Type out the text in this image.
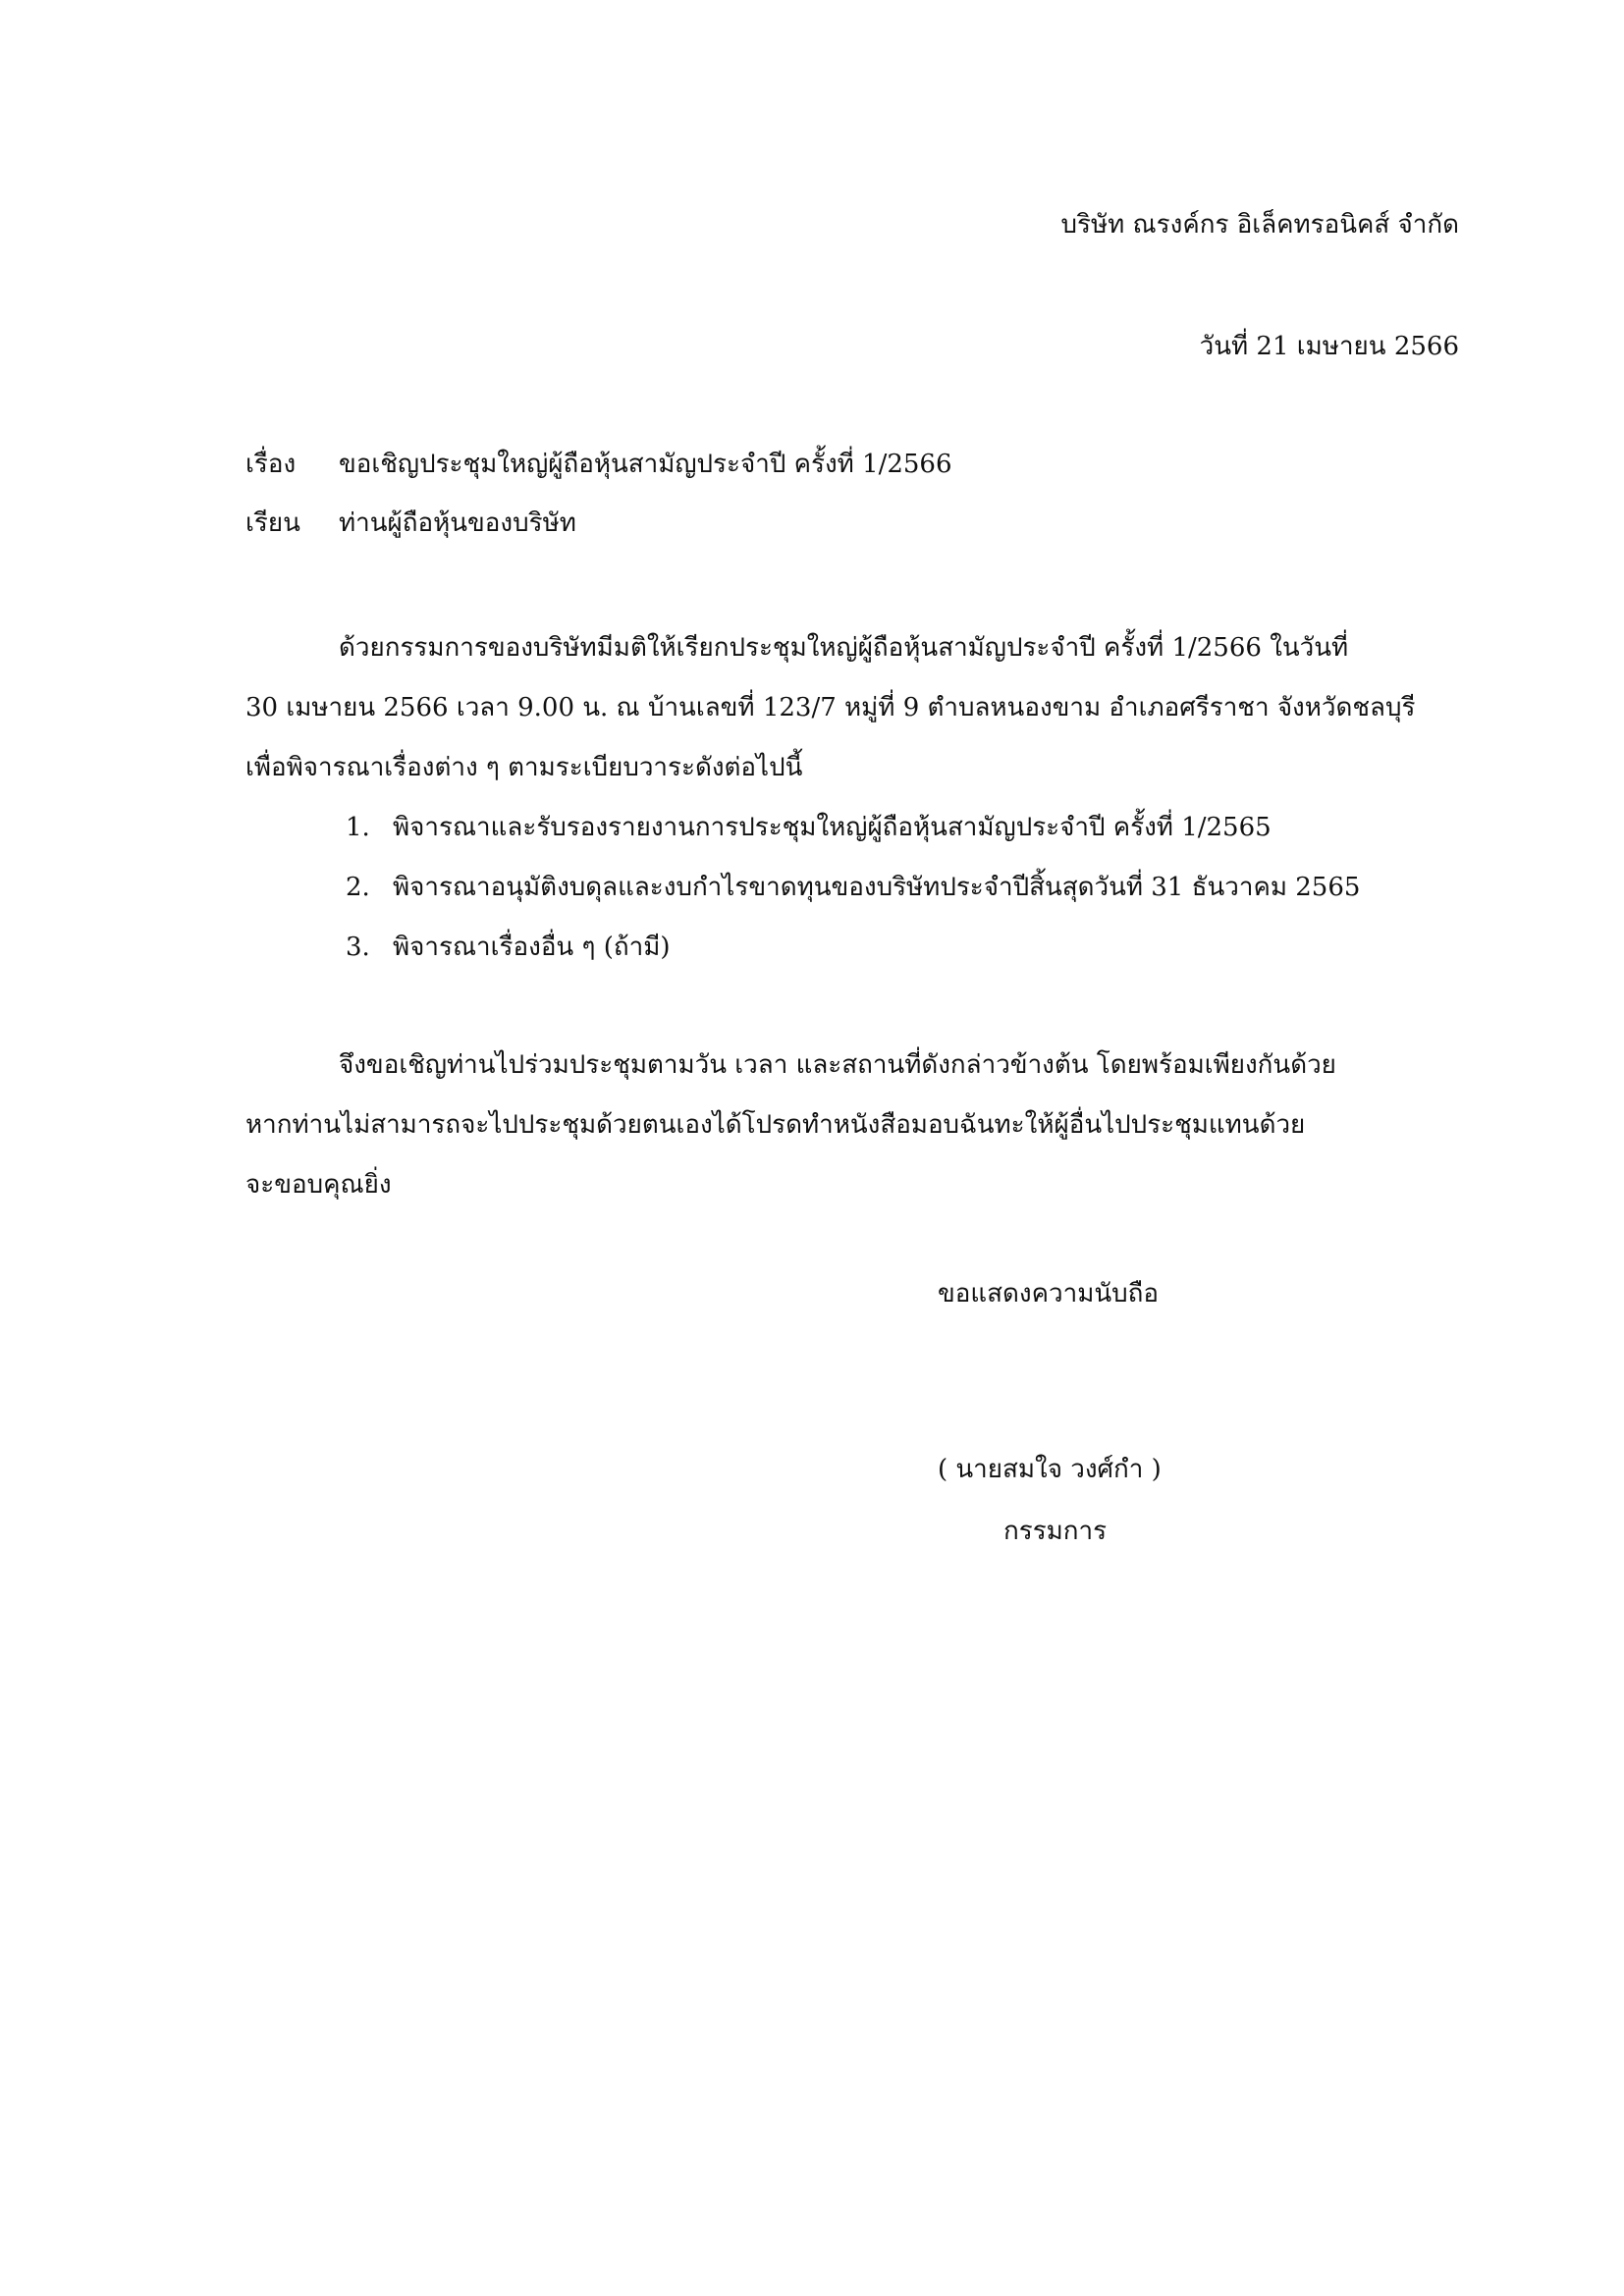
บริษัท ณรงค์กร อิเล็คทรอนิคส์ จำกัด
วันที่ 21 เมษายน 2566
เรื่อง ขอเชิญประชุมใหญ่ผู้ถือหุ้นสามัญประจำปี ครั้งที่ 1/2566
เรียน ท่านผู้ถือหุ้นของบริษัท
ด้วยกรรมการของบริษัทมีมติให้เรียกประชุมใหญ่ผู้ถือหุ้นสามัญประจำปี ครั้งที่ 1/2566 ในวันที่
30 เมษายน 2566 เวลา 9.00 น. ณ บ้านเลขที่ 123/7 หมู่ที่ 9 ตำบลหนองขาม อำเภอศรีราชา จังหวัดชลบุรี
เพื่อพิจารณาเรื่องต่าง ๆ ตามระเบียบวาระดังต่อไปนี้
1. พิจารณาและรับรองรายงานการประชุมใหญ่ผู้ถือหุ้นสามัญประจำปี ครั้งที่ 1/2565
2. พิจารณาอนุมัติงบดุลและงบกำไรขาดทุนของบริษัทประจำปีสิ้นสุดวันที่ 31 ธันวาคม 2565
3. พิจารณาเรื่องอื่น ๆ (ถ้ามี)
จึงขอเชิญท่านไปร่วมประชุมตามวัน เวลา และสถานที่ดังกล่าวข้างต้น โดยพร้อมเพียงกันด้วย
หากท่านไม่สามารถจะไปประชุมด้วยตนเองได้โปรดทำหนังสือมอบฉันทะให้ผู้อื่นไปประชุมแทนด้วย
จะขอบคุณยิ่ง
ขอแสดงความนับถือ
( นายสมใจ วงศ์กำ )
กรรมการ
